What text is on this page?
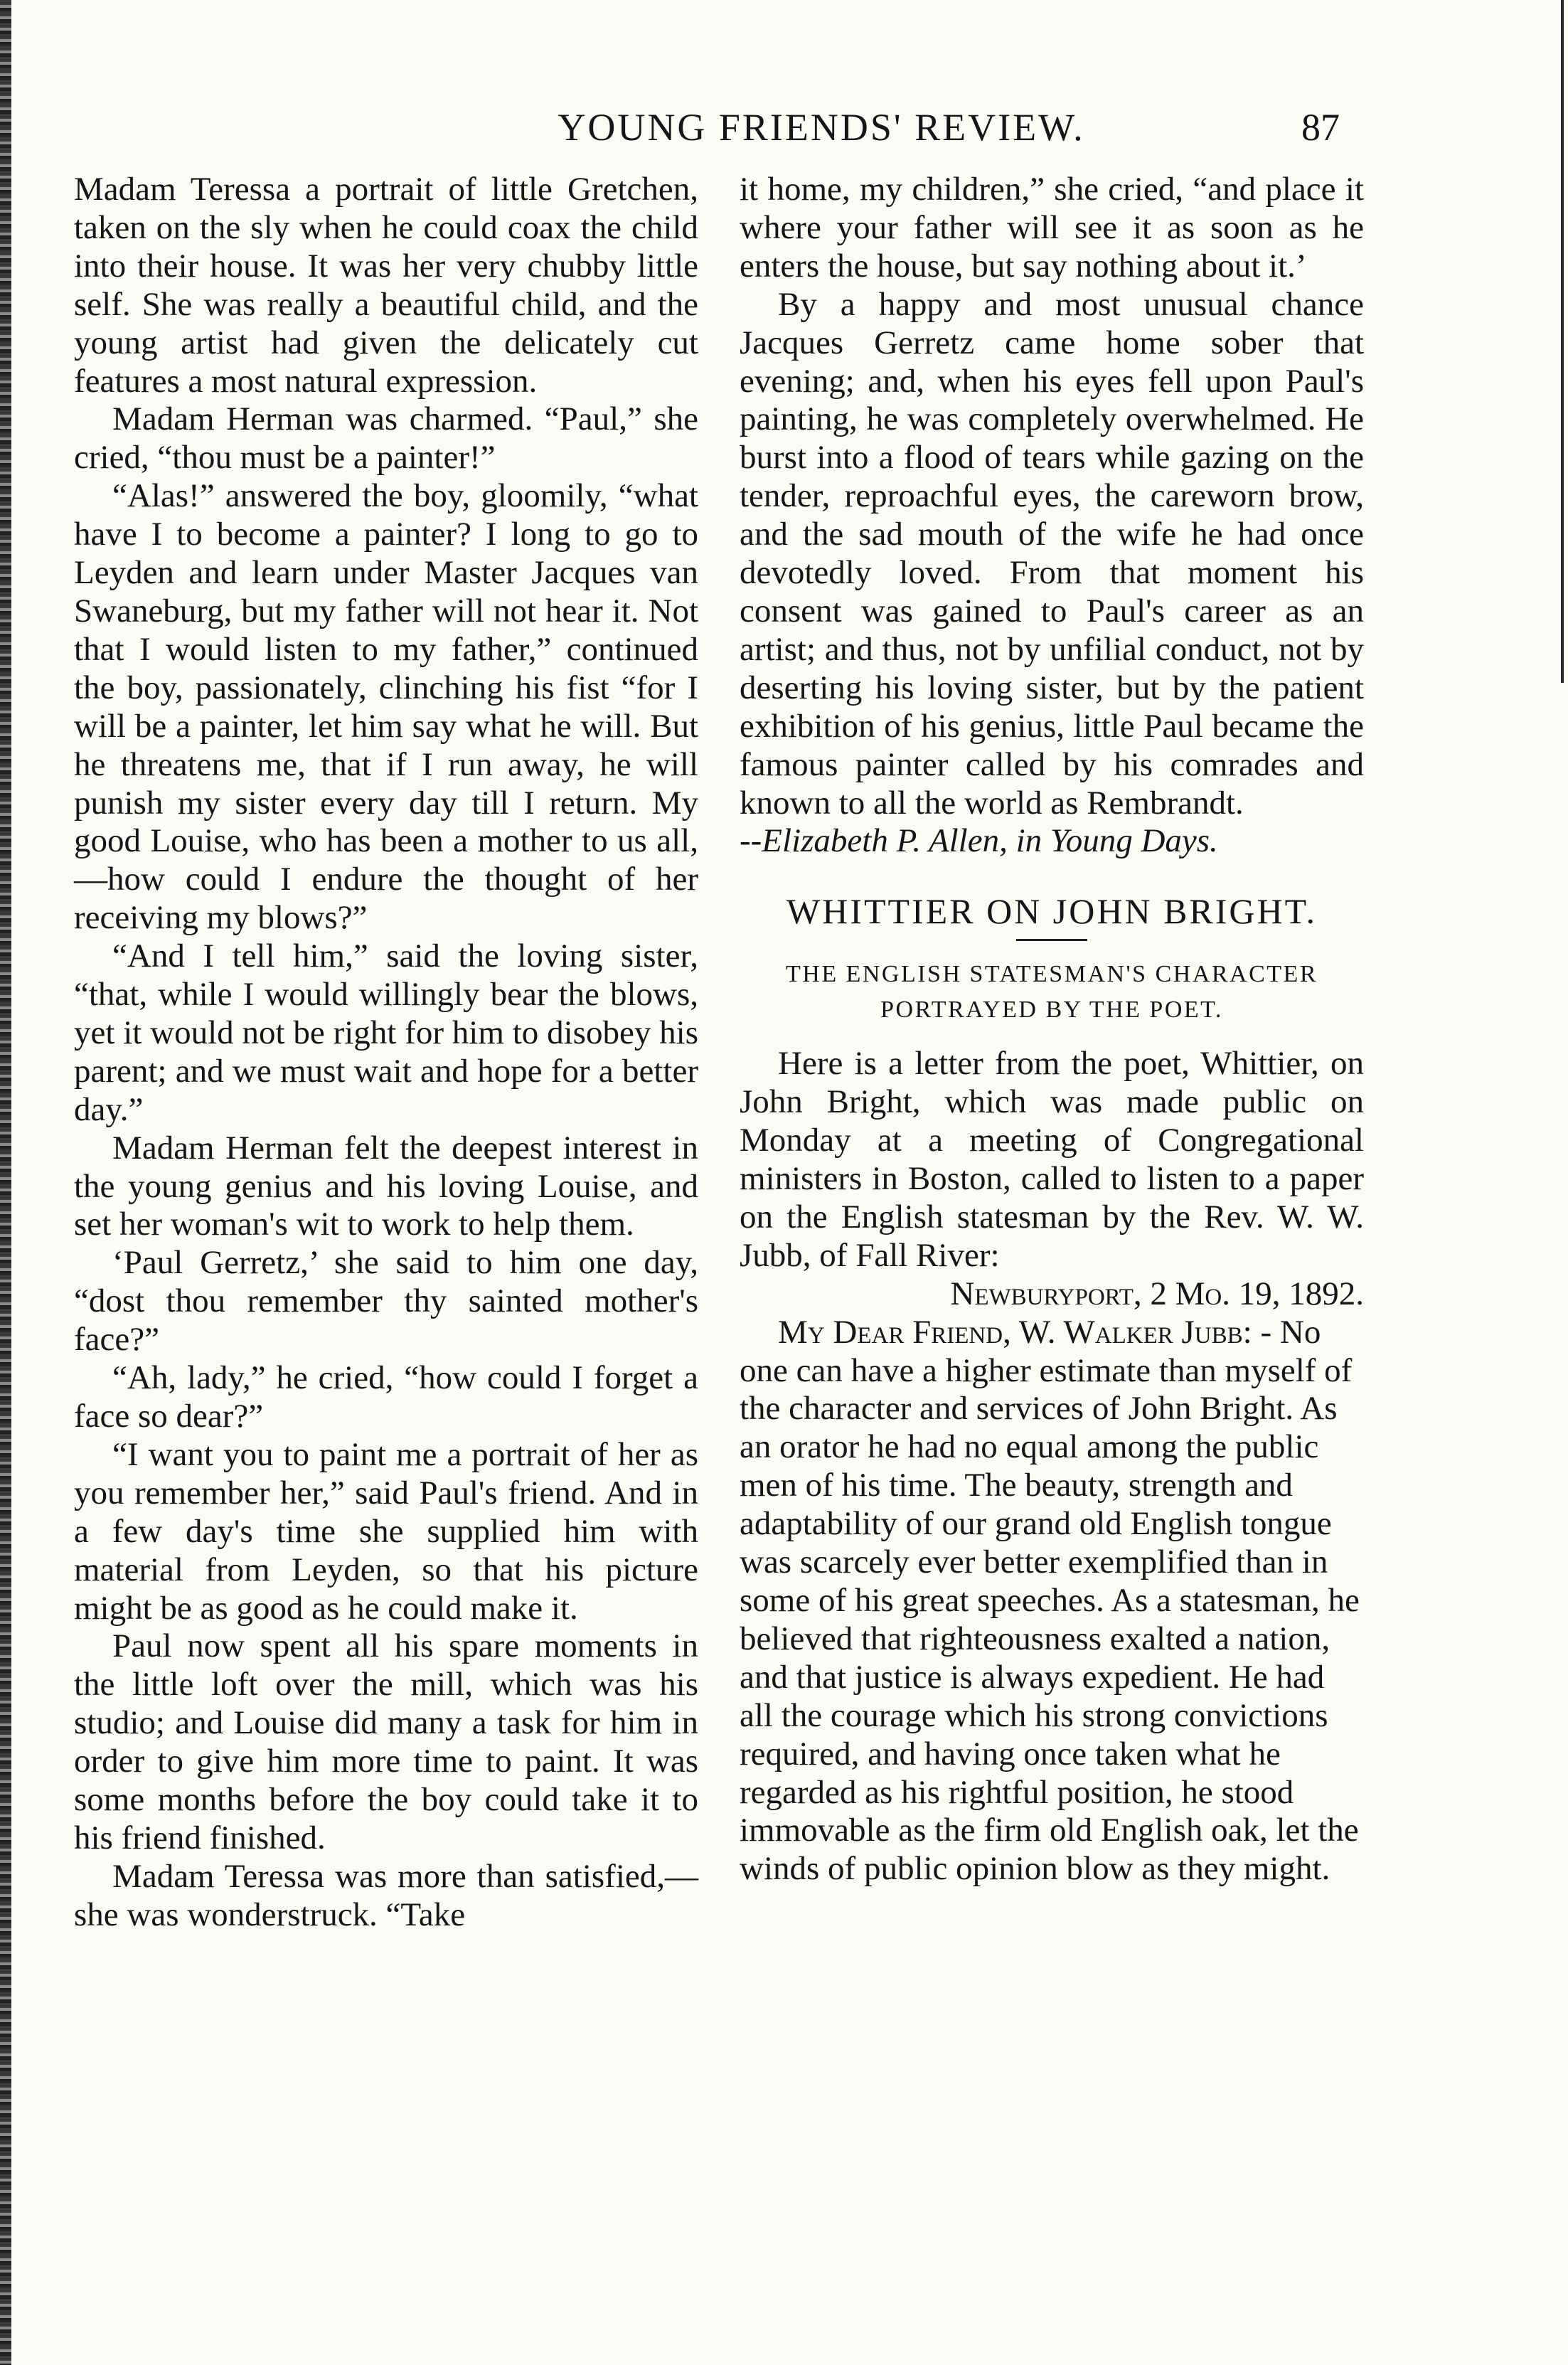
YOUNG FRIENDS' REVIEW.	87

Madam Teressa a portrait of little Gretchen, taken on the sly when he could coax the child into their house. It was her very chubby little self. She was really a beautiful child, and the young artist had given the delicately cut features a most natural expression.

Madam Herman was charmed. “Paul,” she cried, “thou must be a painter!”

“Alas!” answered the boy, gloomily, “what have I to become a painter? I long to go to Leyden and learn under Master Jacques van Swaneburg, but my father will not hear it. Not that I would listen to my father,” continued the boy, passionately, clinching his fist “for I will be a painter, let him say what he will. But he threatens me, that if I run away, he will punish my sister every day till I return. My good Louise, who has been a mother to us all,—how could I endure the thought of her receiving my blows?”

“And I tell him,” said the loving sister, “that, while I would willingly bear the blows, yet it would not be right for him to disobey his parent; and we must wait and hope for a better day.”

Madam Herman felt the deepest interest in the young genius and his loving Louise, and set her woman's wit to work to help them.

‘Paul Gerretz,’ she said to him one day, “dost thou remember thy sainted mother's face?”

“Ah, lady,” he cried, “how could I forget a face so dear?”

“I want you to paint me a portrait of her as you remember her,” said Paul's friend. And in a few day's time she supplied him with material from Leyden, so that his picture might be as good as he could make it.

Paul now spent all his spare moments in the little loft over the mill, which was his studio; and Louise did many a task for him in order to give him more time to paint. It was some months before the boy could take it to his friend finished.

Madam Teressa was more than satisfied,—she was wonderstruck. “Take

it home, my children,” she cried, “and place it where your father will see it as soon as he enters the house, but say nothing about it.’

By a happy and most unusual chance Jacques Gerretz came home sober that evening; and, when his eyes fell upon Paul's painting, he was completely overwhelmed. He burst into a flood of tears while gazing on the tender, reproachful eyes, the careworn brow, and the sad mouth of the wife he had once devotedly loved. From that moment his consent was gained to Paul's career as an artist; and thus, not by unfilial conduct, not by deserting his loving sister, but by the patient exhibition of his genius, little Paul became the famous painter called by his comrades and known to all the world as Rembrandt.

--Elizabeth P. Allen, in Young Days.

WHITTIER ON JOHN BRIGHT.
THE ENGLISH STATESMAN'S CHARACTER PORTRAYED BY THE POET.

Here is a letter from the poet, Whittier, on John Bright, which was made public on Monday at a meeting of Congregational ministers in Boston, called to listen to a paper on the English statesman by the Rev. W. W. Jubb, of Fall River:

Newburyport, 2 Mo. 19, 1892.

My Dear Friend, W. Walker Jubb: - No one can have a higher estimate than myself of the character and services of John Bright. As an orator he had no equal among the public men of his time. The beauty, strength and adaptability of our grand old English tongue was scarcely ever better exemplified than in some of his great speeches. As a statesman, he believed that righteousness exalted a nation, and that justice is always expedient. He had all the courage which his strong convictions required, and having once taken what he regarded as his rightful position, he stood immovable as the firm old English oak, let the winds of public opinion blow as they might.
